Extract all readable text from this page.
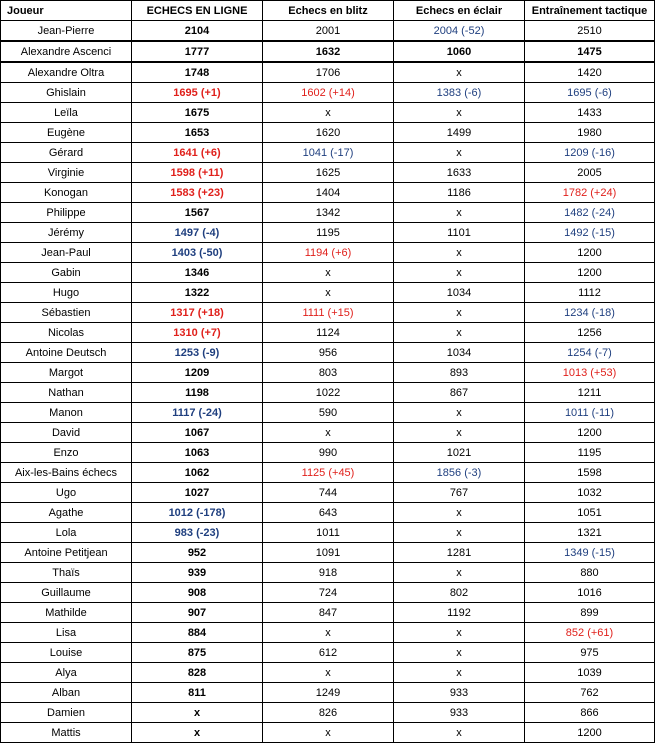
Joueur	ECHECS EN LIGNE	Echecs en blitz	Echecs en éclair	Entraînement tactique
Jean-Pierre	2104	2001	2004 (-52)	2510
Alexandre Ascenci	1777	1632	1060	1475
Alexandre Oltra	1748	1706	x	1420
Ghislain	1695 (+1)	1602 (+14)	1383 (-6)	1695 (-6)
Leïla	1675	x	x	1433
Eugène	1653	1620	1499	1980
Gérard	1641 (+6)	1041 (-17)	x	1209 (-16)
Virginie	1598 (+11)	1625	1633	2005
Konogan	1583 (+23)	1404	1186	1782 (+24)
Philippe	1567	1342	x	1482 (-24)
Jérémy	1497 (-4)	1195	1101	1492 (-15)
Jean-Paul	1403 (-50)	1194 (+6)	x	1200
Gabin	1346	x	x	1200
Hugo	1322	x	1034	1112
Sébastien	1317 (+18)	1111 (+15)	x	1234 (-18)
Nicolas	1310 (+7)	1124	x	1256
Antoine Deutsch	1253 (-9)	956	1034	1254 (-7)
Margot	1209	803	893	1013 (+53)
Nathan	1198	1022	867	1211
Manon	1117 (-24)	590	x	1011 (-11)
David	1067	x	x	1200
Enzo	1063	990	1021	1195
Aix-les-Bains échecs	1062	1125 (+45)	1856 (-3)	1598
Ugo	1027	744	767	1032
Agathe	1012 (-178)	643	x	1051
Lola	983 (-23)	1011	x	1321
Antoine Petitjean	952	1091	1281	1349 (-15)
Thaïs	939	918	x	880
Guillaume	908	724	802	1016
Mathilde	907	847	1192	899
Lisa	884	x	x	852 (+61)
Louise	875	612	x	975
Alya	828	x	x	1039
Alban	811	1249	933	762
Damien	x	826	933	866
Mattis	x	x	x	1200
